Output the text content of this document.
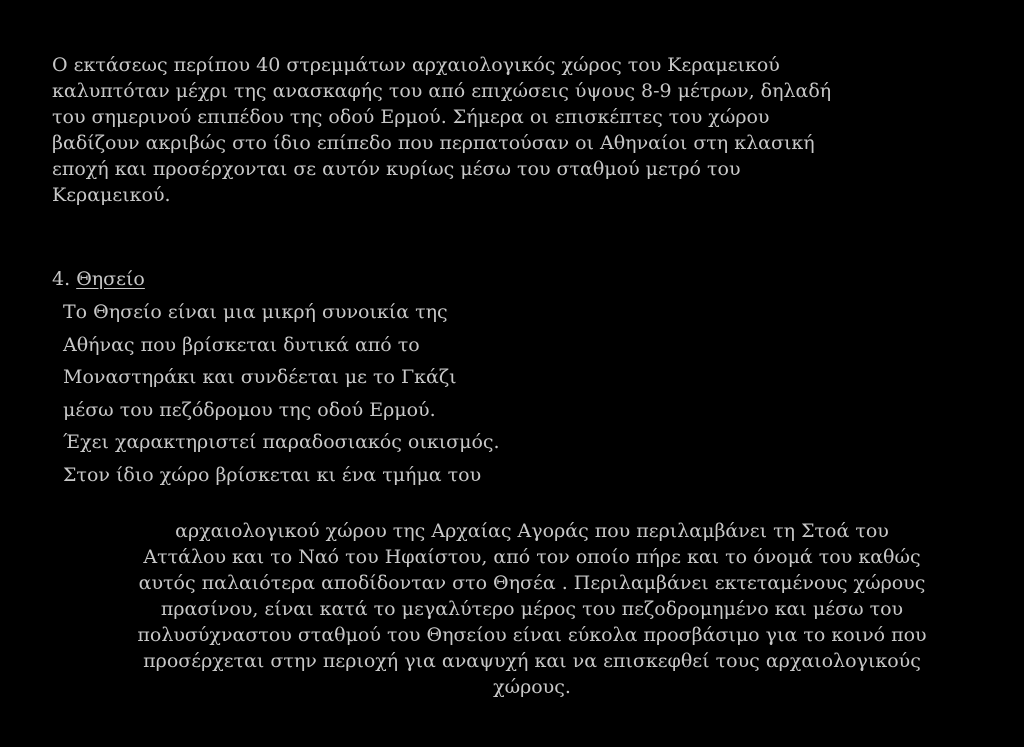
Ο εκτάσεως περίπου 40 στρεμμάτων αρχαιολογικός χώρος του Κεραμεικού
καλυπτόταν μέχρι της ανασκαφής του από επιχώσεις ύψους 8-9 μέτρων, δηλαδή
του σημερινού επιπέδου της οδού Ερμού. Σήμερα οι επισκέπτες του χώρου
βαδίζουν ακριβώς στο ίδιο επίπεδο που περπατούσαν οι Αθηναίοι στη κλασική
εποχή και προσέρχονται σε αυτόν κυρίως μέσω του σταθμού μετρό του
Κεραμεικού.
4. Θησείο
Το Θησείο είναι μια μικρή συνοικία της
Αθήνας που βρίσκεται δυτικά από το
Μοναστηράκι και συνδέεται με το Γκάζι
μέσω του πεζόδρομου της οδού Ερμού.
Έχει χαρακτηριστεί παραδοσιακός οικισμός.
Στον ίδιο χώρο βρίσκεται κι ένα τμήμα του
αρχαιολογικού χώρου της Αρχαίας Αγοράς που περιλαμβάνει τη Στοά του
Αττάλου και το Ναό του Ηφαίστου, από τον οποίο πήρε και το όνομά του καθώς
αυτός παλαιότερα αποδίδονταν στο Θησέα . Περιλαμβάνει εκτεταμένους χώρους
πρασίνου, είναι κατά το μεγαλύτερο μέρος του πεζοδρομημένο και μέσω του
πολυσύχναστου σταθμού του Θησείου είναι εύκολα προσβάσιμο για το κοινό που
προσέρχεται στην περιοχή για αναψυχή και να επισκεφθεί τους αρχαιολογικούς
χώρους.
